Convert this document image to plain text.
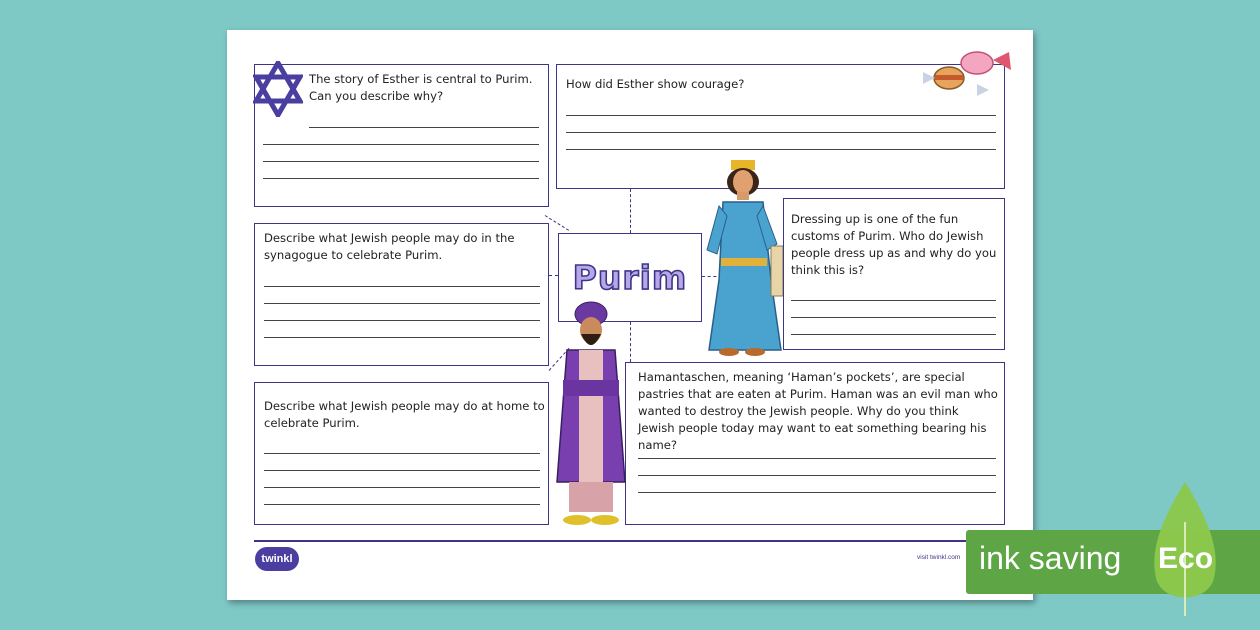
The story of Esther is central to Purim. Can you describe why?
How did Esther show courage?
Describe what Jewish people may do in the synagogue to celebrate Purim.
Purim
Dressing up is one of the fun customs of Purim. Who do Jewish people dress up as and why do you think this is?
Describe what Jewish people may do at home to celebrate Purim.
Hamantaschen, meaning ‘Haman’s pockets’, are special pastries that are eaten at Purim. Haman was an evil man who wanted to destroy the Jewish people. Why do you think Jewish people today may want to eat something bearing his name?
twinkl	visit twinkl.com ink saving Eco
